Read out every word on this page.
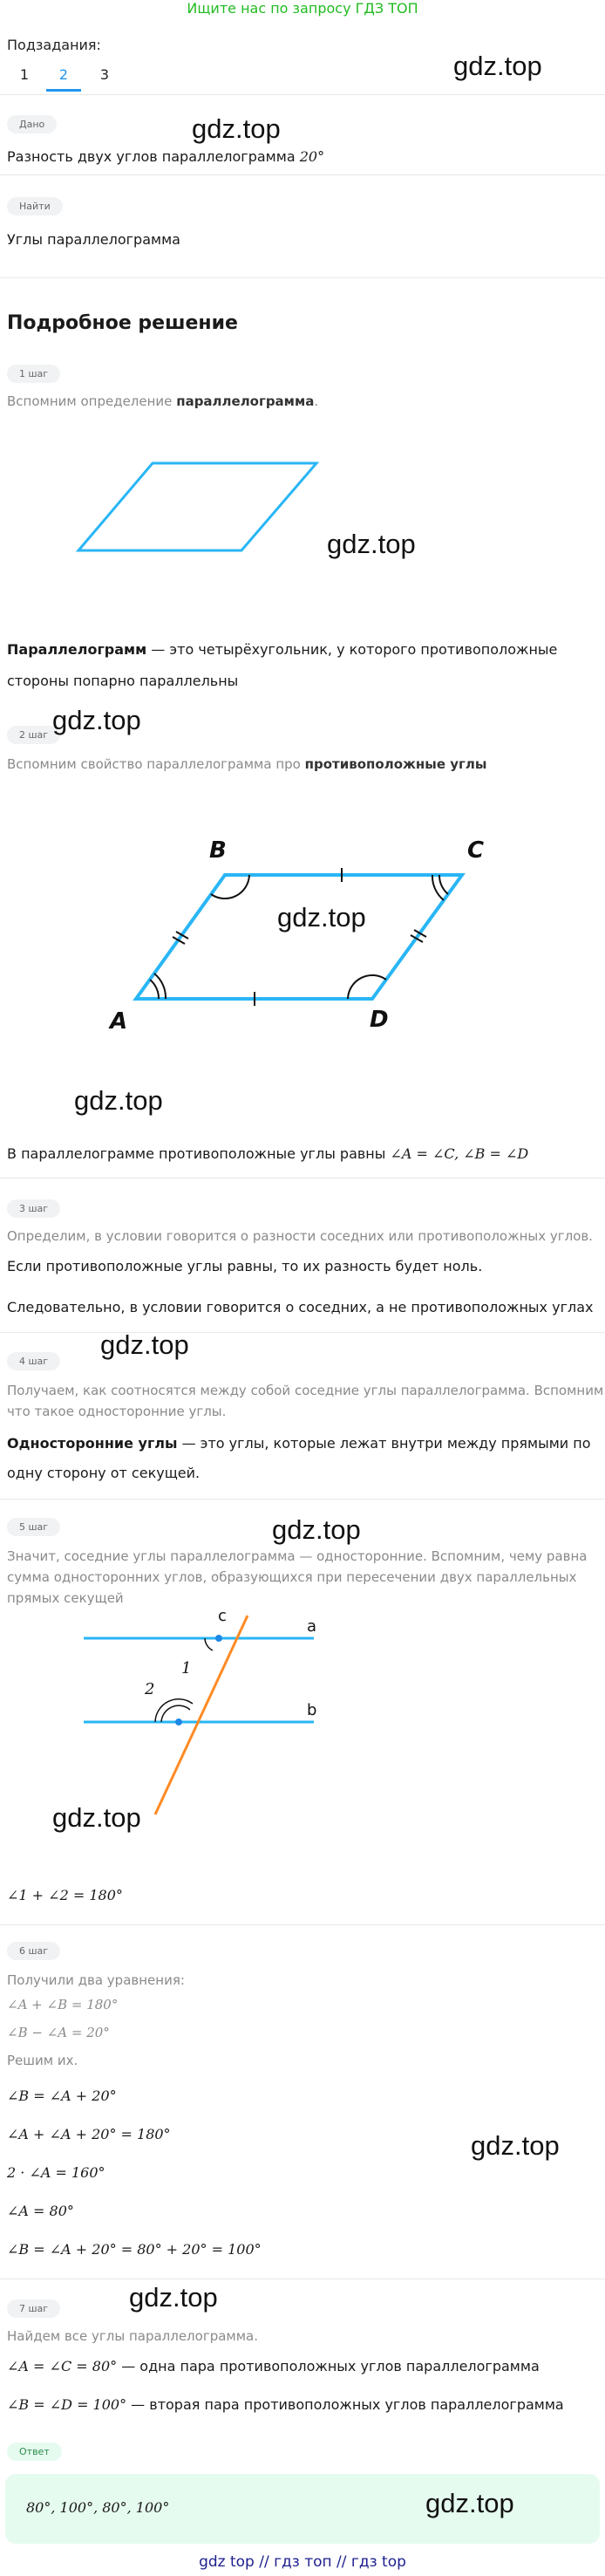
Ищите нас по запросу ГДЗ ТОП
Подзадания:
1	2	3	gdz.top
Дано	gdz.top
Разность двух углов параллелограмма 20°
Найти
Углы параллелограмма
Подробное решение
1 шаг
Вспомним определение параллелограмма.
gdz.top
Параллелограмм — это четырёхугольник, у которого противоположные
стороны попарно параллельны
2 шаг gdz.top
Вспомним свойство параллелограмма про противоположные углы
B	C
A	D
gdz.top
gdz.top
В параллелограмме противоположные углы равны ∠A = ∠C, ∠B = ∠D
3 шаг
Определим, в условии говорится о разности соседних или противоположных углов.
Если противоположные углы равны, то их разность будет ноль.
Следовательно, в условии говорится о соседних, а не противоположных углах
gdz.top
4 шаг
Получаем, как соотносятся между собой соседние углы параллелограмма. Вспомним
что такое односторонние углы.
Односторонние углы — это углы, которые лежат внутри между прямыми по
одну сторону от секущей.
5 шаг	gdz.top
Значит, соседние углы параллелограмма — односторонние. Вспомним, чему равна
сумма односторонних углов, образующихся при пересечении двух параллельных
прямых секущей
a
b
c
1
2
gdz.top
∠1 + ∠2 = 180°
6 шаг
Получили два уравнения:
∠A + ∠B = 180°
∠B − ∠A = 20°
Решим их.
∠B = ∠A + 20°
∠A + ∠A + 20° = 180°
2 · ∠A = 160°
∠A = 80°
∠B = ∠A + 20° = 80° + 20° = 100°
gdz.top
gdz.top
7 шаг
Найдем все углы параллелограмма.
∠A = ∠C = 80° — одна пара противоположных углов параллелограмма
∠B = ∠D = 100° — вторая пара противоположных углов параллелограмма
Ответ
80°, 100°, 80°, 100°	gdz.top
gdz top // гдз топ // гдз top
